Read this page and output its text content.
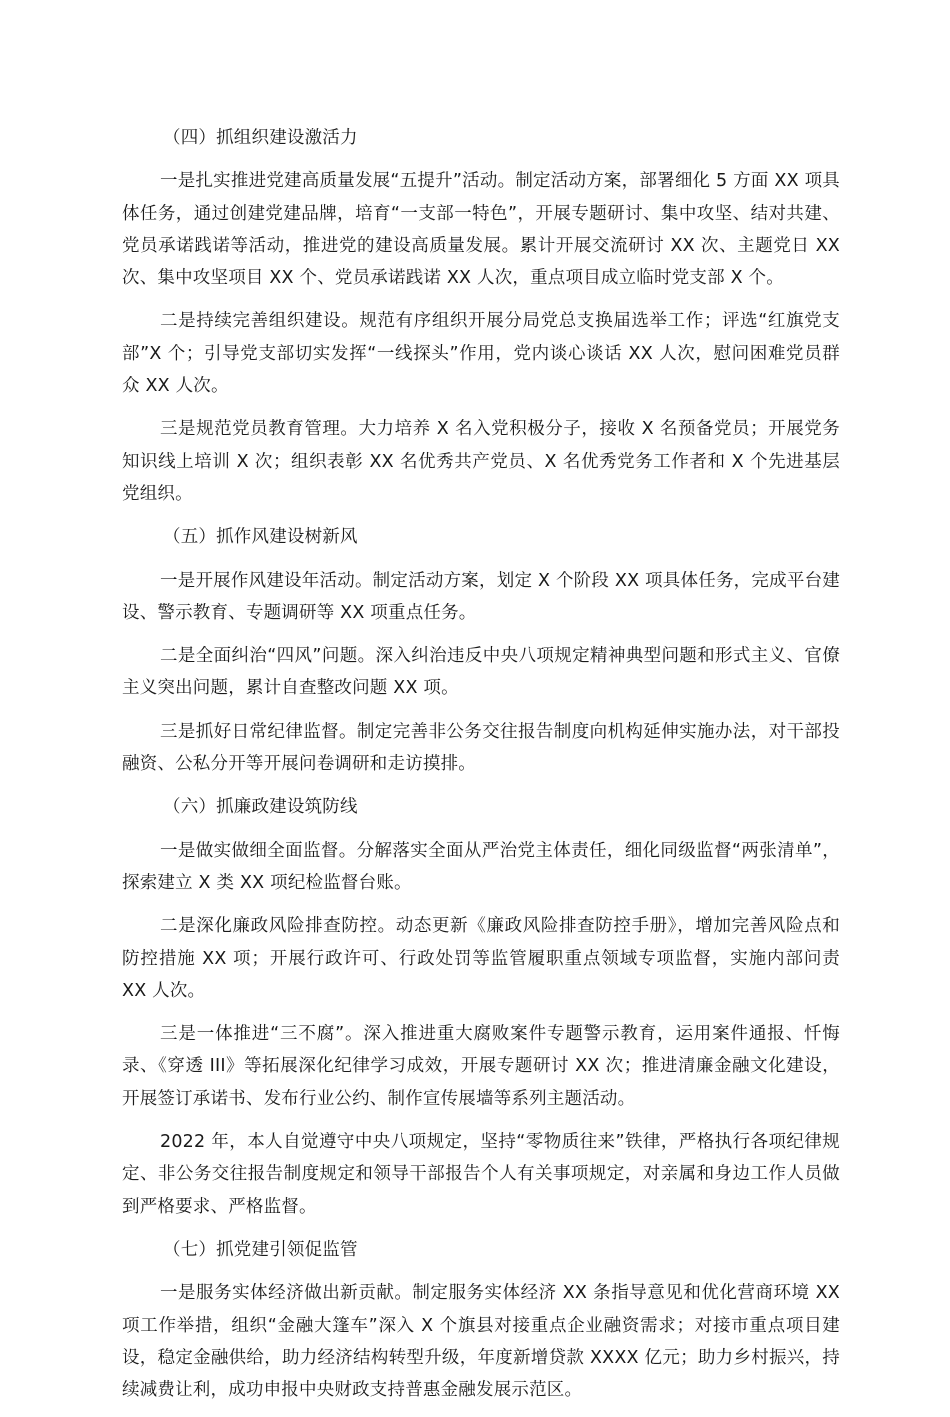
（四）抓组织建设激活力

一是扎实推进党建高质量发展“五提升”活动。制定活动方案，部署细化 5 方面 XX 项具体任务，通过创建党建品牌，培育“一支部一特色”，开展专题研讨、集中攻坚、结对共建、党员承诺践诺等活动，推进党的建设高质量发展。累计开展交流研讨 XX 次、主题党日 XX 次、集中攻坚项目 XX 个、党员承诺践诺 XX 人次，重点项目成立临时党支部 X 个。

二是持续完善组织建设。规范有序组织开展分局党总支换届选举工作；评选“红旗党支部”X 个；引导党支部切实发挥“一线探头”作用，党内谈心谈话 XX 人次，慰问困难党员群众 XX 人次。

三是规范党员教育管理。大力培养 X 名入党积极分子，接收 X 名预备党员；开展党务知识线上培训 X 次；组织表彰 XX 名优秀共产党员、X 名优秀党务工作者和 X 个先进基层党组织。

（五）抓作风建设树新风

一是开展作风建设年活动。制定活动方案，划定 X 个阶段 XX 项具体任务，完成平台建设、警示教育、专题调研等 XX 项重点任务。

二是全面纠治“四风”问题。深入纠治违反中央八项规定精神典型问题和形式主义、官僚主义突出问题，累计自查整改问题 XX 项。

三是抓好日常纪律监督。制定完善非公务交往报告制度向机构延伸实施办法，对干部投融资、公私分开等开展问卷调研和走访摸排。

（六）抓廉政建设筑防线

一是做实做细全面监督。分解落实全面从严治党主体责任，细化同级监督“两张清单”，探索建立 X 类 XX 项纪检监督台账。

二是深化廉政风险排查防控。动态更新《廉政风险排查防控手册》，增加完善风险点和防控措施 XX 项；开展行政许可、行政处罚等监管履职重点领域专项监督，实施内部问责 XX 人次。

三是一体推进“三不腐”。深入推进重大腐败案件专题警示教育，运用案件通报、忏悔录、《穿透 III》等拓展深化纪律学习成效，开展专题研讨 XX 次；推进清廉金融文化建设，开展签订承诺书、发布行业公约、制作宣传展墙等系列主题活动。

2022 年，本人自觉遵守中央八项规定，坚持“零物质往来”铁律，严格执行各项纪律规定、非公务交往报告制度规定和领导干部报告个人有关事项规定，对亲属和身边工作人员做到严格要求、严格监督。

（七）抓党建引领促监管

一是服务实体经济做出新贡献。制定服务实体经济 XX 条指导意见和优化营商环境 XX 项工作举措，组织“金融大篷车”深入 X 个旗县对接重点企业融资需求；对接市重点项目建设，稳定金融供给，助力经济结构转型升级，年度新增贷款 XXXX 亿元；助力乡村振兴，持续减费让利，成功申报中央财政支持普惠金融发展示范区。
